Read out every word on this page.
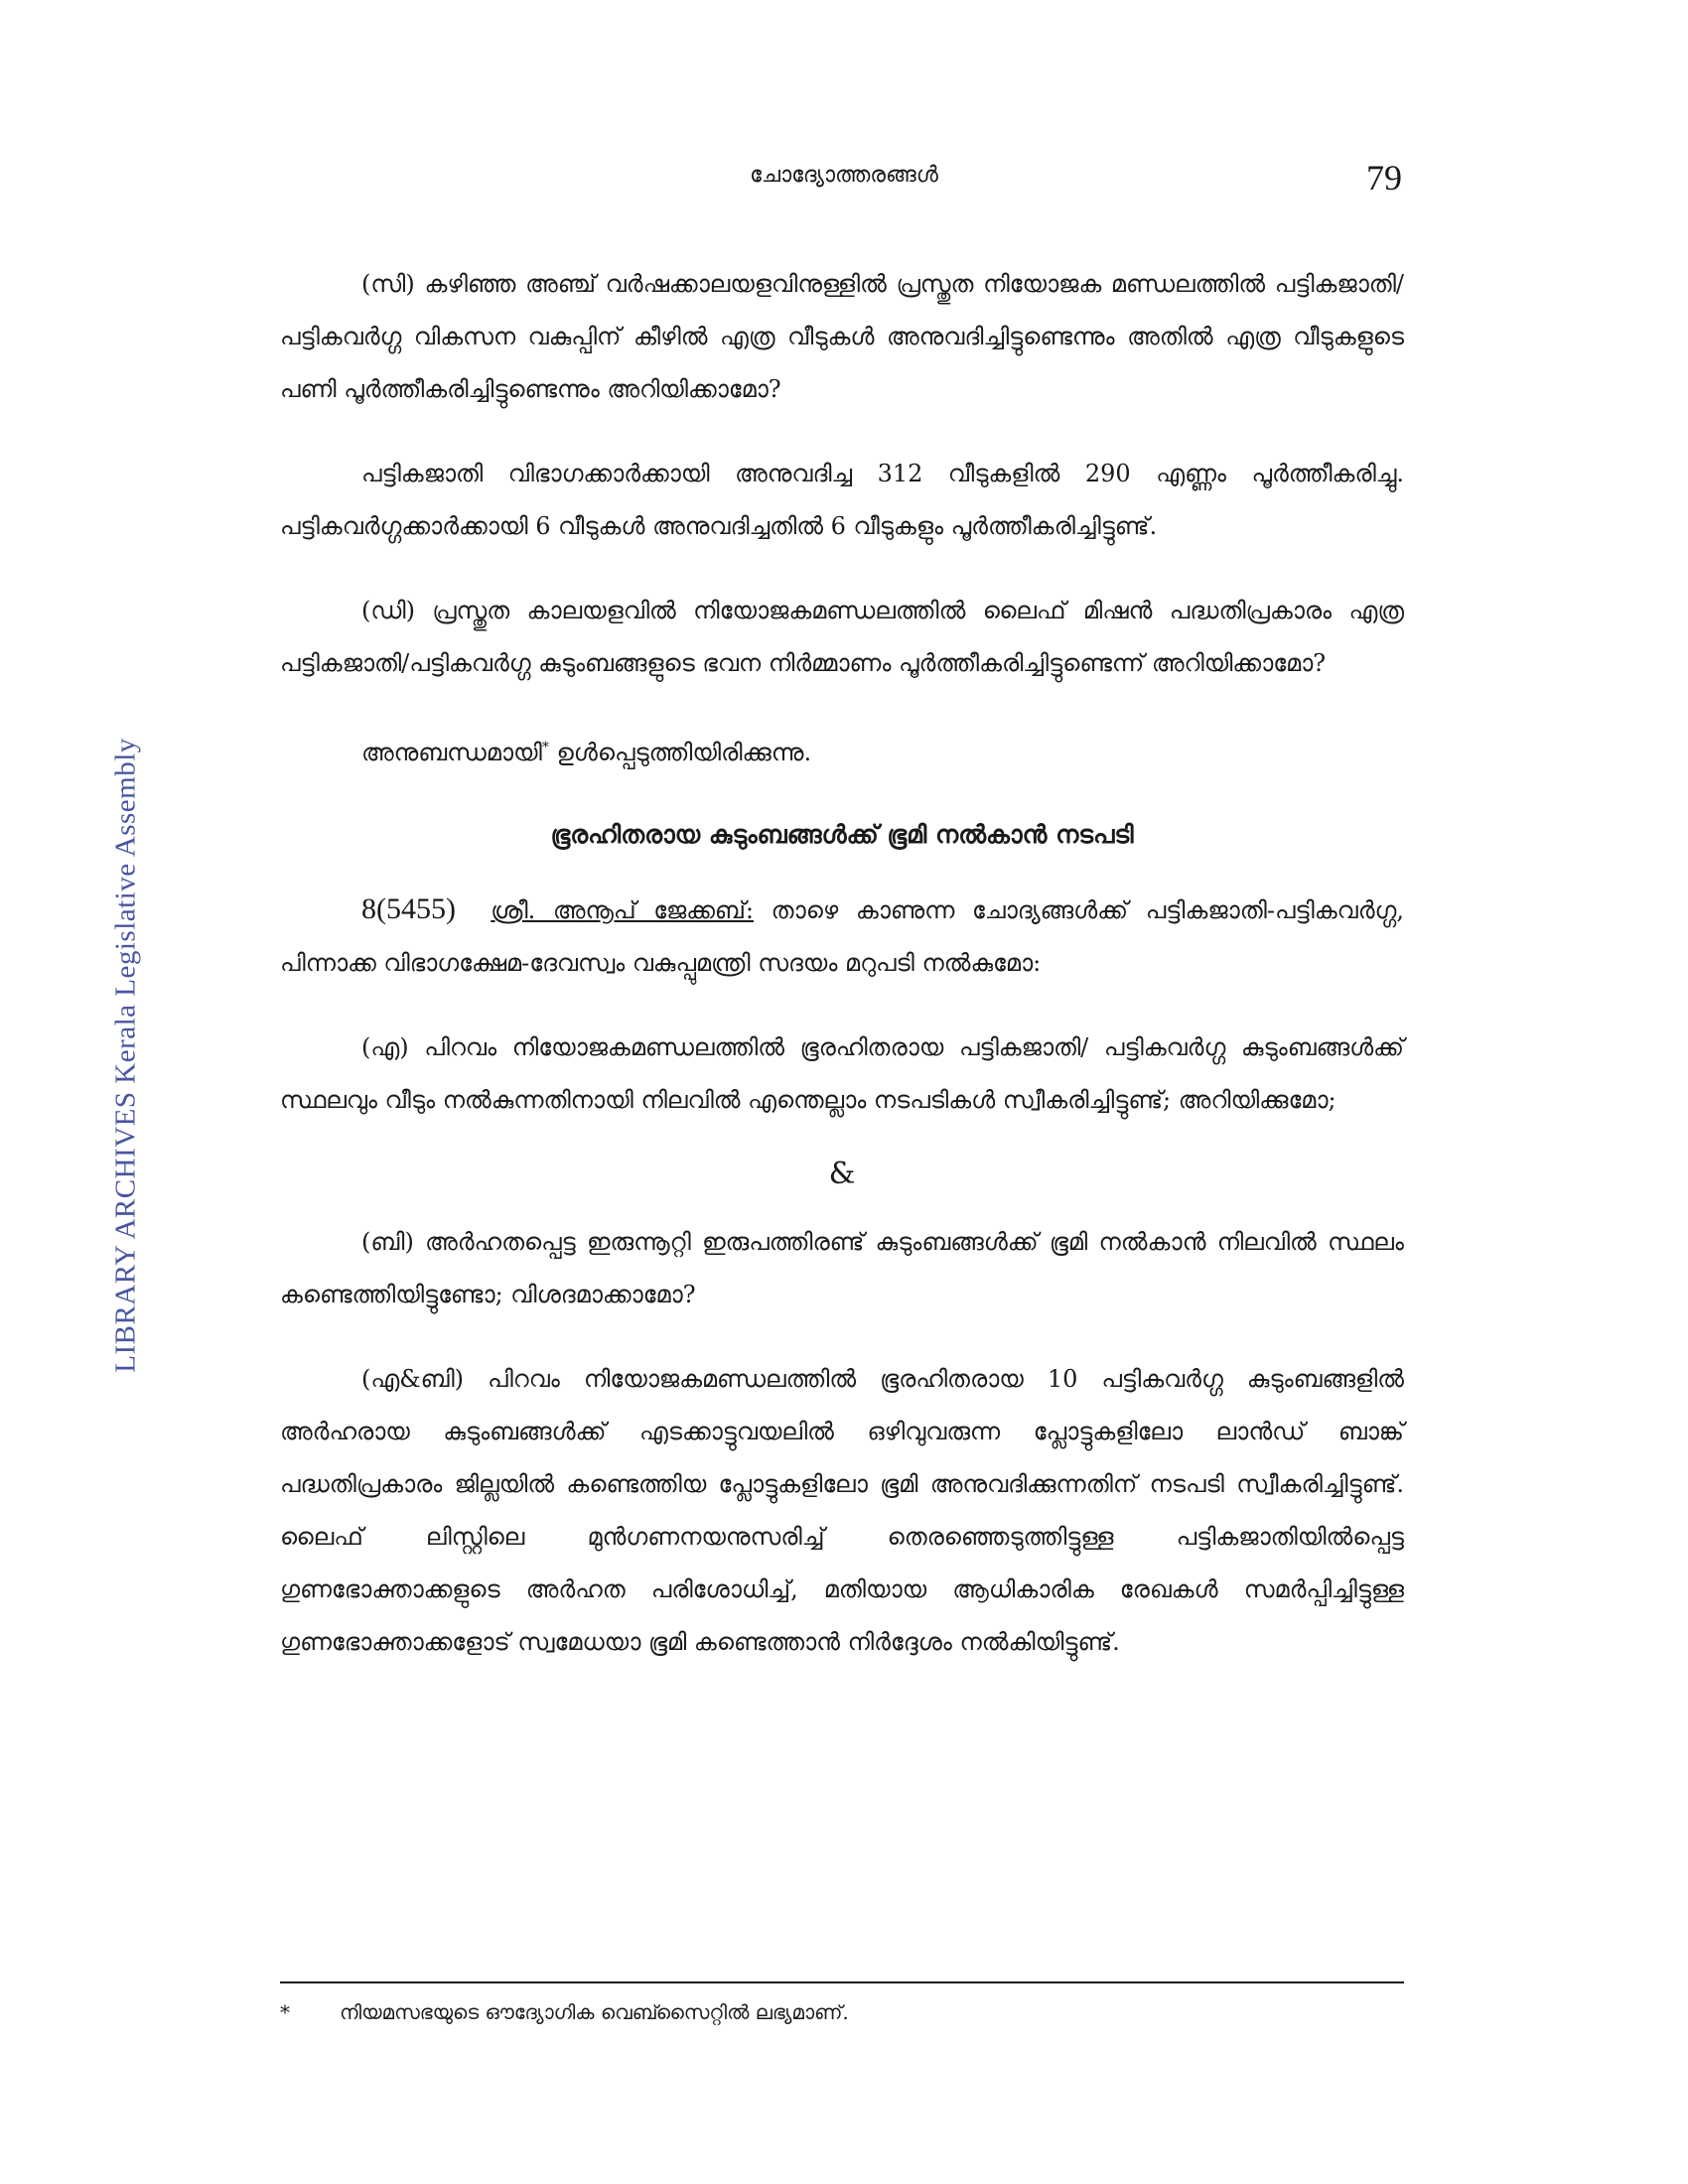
ചോദ്യോത്തരങ്ങൾ	79
LIBRARY ARCHIVES Kerala Legislative Assembly

(സി) കഴിഞ്ഞ അഞ്ച് വർഷക്കാലയളവിനുള്ളിൽ പ്രസ്തുത നിയോജക മണ്ഡലത്തിൽ പട്ടികജാതി/പട്ടികവർഗ്ഗ വികസന വകുപ്പിന് കീഴിൽ എത്ര വീടുകൾ അനുവദിച്ചിട്ടുണ്ടെന്നും അതിൽ എത്ര വീടുകളുടെ പണി പൂർത്തീകരിച്ചിട്ടുണ്ടെന്നും അറിയിക്കാമോ?

പട്ടികജാതി വിഭാഗക്കാർക്കായി അനുവദിച്ച 312 വീടുകളിൽ 290 എണ്ണം പൂർത്തീകരിച്ചു. പട്ടികവർഗ്ഗക്കാർക്കായി 6 വീടുകൾ അനുവദിച്ചതിൽ 6 വീടുകളും പൂർത്തീകരിച്ചിട്ടുണ്ട്.

(ഡി) പ്രസ്തുത കാലയളവിൽ നിയോജകമണ്ഡലത്തിൽ ലൈഫ് മിഷൻ പദ്ധതിപ്രകാരം എത്ര പട്ടികജാതി/പട്ടികവർഗ്ഗ കുടുംബങ്ങളുടെ ഭവന നിർമ്മാണം പൂർത്തീകരിച്ചിട്ടുണ്ടെന്ന് അറിയിക്കാമോ?

അനുബന്ധമായി* ഉൾപ്പെടുത്തിയിരിക്കുന്നു.

ഭൂരഹിതരായ കുടുംബങ്ങൾക്ക് ഭൂമി നൽകാൻ നടപടി

8(5455) ശ്രീ. അനൂപ് ജേക്കബ്: താഴെ കാണുന്ന ചോദ്യങ്ങൾക്ക് പട്ടികജാതി-പട്ടികവർഗ്ഗ, പിന്നാക്ക വിഭാഗക്ഷേമ-ദേവസ്വം വകുപ്പുമന്ത്രി സദയം മറുപടി നൽകുമോ:

(എ) പിറവം നിയോജകമണ്ഡലത്തിൽ ഭൂരഹിതരായ പട്ടികജാതി/ പട്ടികവർഗ്ഗ കുടുംബങ്ങൾക്ക് സ്ഥലവും വീടും നൽകുന്നതിനായി നിലവിൽ എന്തെല്ലാം നടപടികൾ സ്വീകരിച്ചിട്ടുണ്ട്; അറിയിക്കുമോ;

&

(ബി) അർഹതപ്പെട്ട ഇരുന്നൂറ്റി ഇരുപത്തിരണ്ട് കുടുംബങ്ങൾക്ക് ഭൂമി നൽകാൻ നിലവിൽ സ്ഥലം കണ്ടെത്തിയിട്ടുണ്ടോ; വിശദമാക്കാമോ?

(എ&ബി) പിറവം നിയോജകമണ്ഡലത്തിൽ ഭൂരഹിതരായ 10 പട്ടികവർഗ്ഗ കുടുംബങ്ങളിൽ അർഹരായ കുടുംബങ്ങൾക്ക് എടക്കാട്ടുവയലിൽ ഒഴിവുവരുന്ന പ്ലോട്ടുകളിലോ ലാൻഡ് ബാങ്ക് പദ്ധതിപ്രകാരം ജില്ലയിൽ കണ്ടെത്തിയ പ്ലോട്ടുകളിലോ ഭൂമി അനുവദിക്കുന്നതിന് നടപടി സ്വീകരിച്ചിട്ടുണ്ട്. ലൈഫ് ലിസ്റ്റിലെ മുൻഗണനയനുസരിച്ച് തെരഞ്ഞെടുത്തിട്ടുള്ള പട്ടികജാതിയിൽപ്പെട്ട ഗുണഭോക്താക്കളുടെ അർഹത പരിശോധിച്ച്, മതിയായ ആധികാരിക രേഖകൾ സമർപ്പിച്ചിട്ടുള്ള ഗുണഭോക്താക്കളോട് സ്വമേധയാ ഭൂമി കണ്ടെത്താൻ നിർദ്ദേശം നൽകിയിട്ടുണ്ട്.

*	നിയമസഭയുടെ ഔദ്യോഗിക വെബ്സൈറ്റിൽ ലഭ്യമാണ്.
